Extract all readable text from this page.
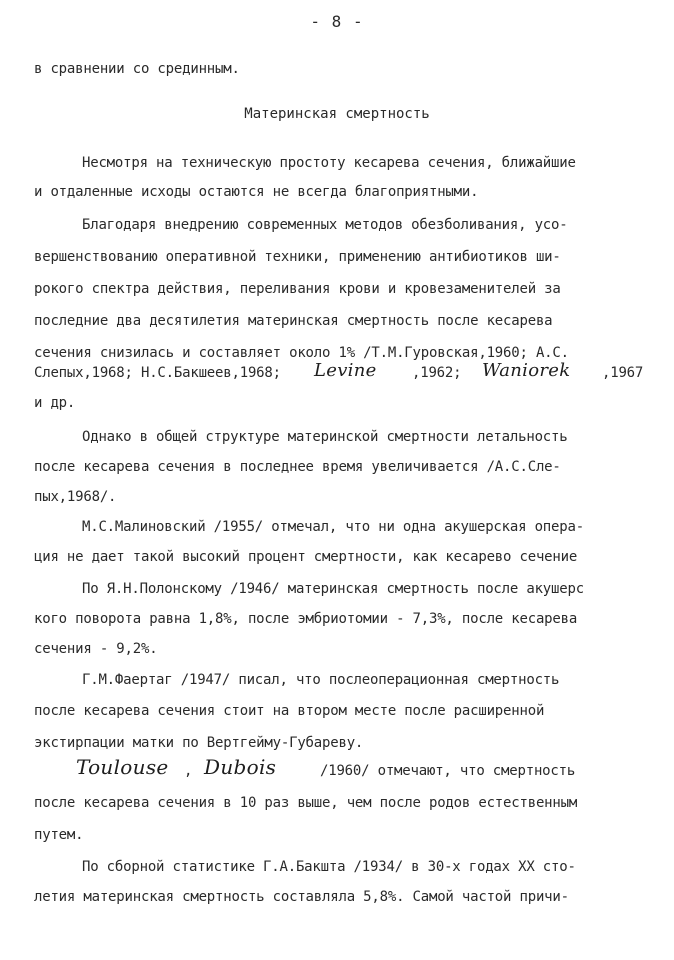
- 8 -
в сравнении со срединным.
Материнская смертность
Несмотря на техническую простоту кесарева сечения, ближайшие
и отдаленные исходы остаются не всегда благоприятными.
Благодаря внедрению современных методов обезболивания, усо-
вершенствованию оперативной техники, применению антибиотиков ши-
рокого спектра действия, переливания крови и кровезаменителей за
последние два десятилетия материнская смертность после кесарева
сечения снизилась и составляет около 1% /Т.М.Гуровская,1960; А.С.
Слепых,1968; Н.С.Бакшеев,1968; Levine	,1962; Waniorek ,1967
и др.
Однако в общей структуре материнской смертности летальность
после кесарева сечения в последнее время увеличивается /А.С.Сле-
пых,1968/.
М.С.Малиновский /1955/ отмечал, что ни одна акушерская опера-
ция не дает такой высокий процент смертности, как кесарево сечение
По Я.Н.Полонскому /1946/ материнская смертность после акушерс
кого поворота равна 1,8%, после эмбриотомии - 7,3%, после кесарева
сечения - 9,2%.
Г.М.Фаертаг /1947/ писал, что послеоперационная смертность
после кесарева сечения стоит на втором месте после расширенной
экстирпации матки по Вертгейму-Губареву.
Toulouse , Dubois	/1960/ отмечают, что смертность
после кесарева сечения в 10 раз выше, чем после родов естественным
путем.
По сборной статистике Г.А.Бакшта /1934/ в 30-х годах XX сто-
летия материнская смертность составляла 5,8%. Самой частой причи-
